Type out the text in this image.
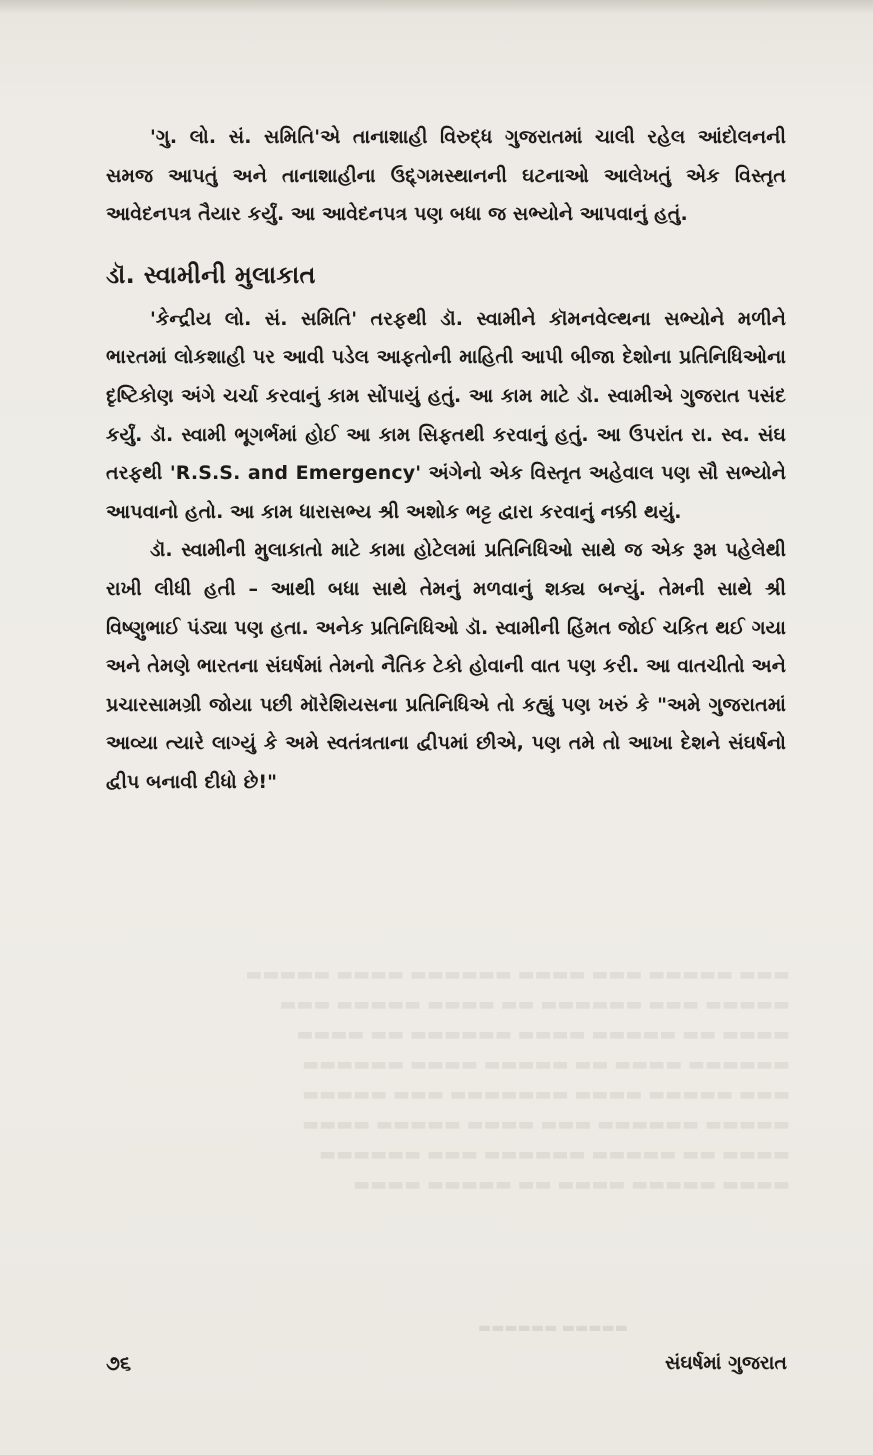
▬▬▬ ▬▬▬▬▬ ▬▬▬ ▬▬▬▬ ▬▬▬▬▬▬ ▬▬▬▬ ▬▬▬▬▬
▬▬▬▬▬ ▬▬▬ ▬▬▬▬▬▬ ▬▬ ▬▬▬▬ ▬▬▬▬▬ ▬▬▬
▬▬▬▬ ▬▬ ▬▬▬▬▬ ▬▬▬▬ ▬▬▬▬▬▬ ▬▬ ▬▬▬▬
▬▬▬▬▬▬ ▬▬▬▬ ▬▬ ▬▬▬▬▬ ▬▬▬▬ ▬▬▬▬▬▬
▬▬▬ ▬▬▬▬▬ ▬▬▬▬ ▬▬▬▬▬▬▬ ▬▬▬ ▬▬▬▬▬
▬▬▬▬▬ ▬▬▬▬▬▬ ▬▬▬ ▬▬▬▬ ▬▬▬▬▬ ▬▬▬▬
▬▬▬▬ ▬▬ ▬▬▬▬▬ ▬▬▬▬▬▬ ▬▬▬ ▬▬▬▬▬▬
▬▬▬▬ ▬▬▬▬▬ ▬▬▬▬ ▬▬ ▬▬▬▬▬ ▬▬▬▬

'ગુ. લો. સં. સમિતિ'એ તાનાશાહી વિરુદ્ધ ગુજરાતમાં ચાલી રહેલ આંદોલનની સમજ આપતું અને તાનાશાહીના ઉદ્દ્ગમસ્થાનની ઘટનાઓ આલેખતું એક વિસ્તૃત આવેદનપત્ર તૈયાર કર્યું. આ આવેદનપત્ર પણ બધા જ સભ્યોને આપવાનું હતું.

ડૉ. સ્વામીની મુલાકાત

'કેન્દ્રીય લો. સં. સમિતિ' તરફથી ડૉ. સ્વામીને કૉમનવેલ્થના સભ્યોને મળીને ભારતમાં લોકશાહી પર આવી પડેલ આફતોની માહિતી આપી બીજા દેશોના પ્રતિનિધિઓના દૃષ્ટિકોણ અંગે ચર્ચા કરવાનું કામ સોંપાયું હતું. આ કામ માટે ડૉ. સ્વામીએ ગુજરાત પસંદ કર્યું. ડૉ. સ્વામી ભૂગર્ભમાં હોઈ આ કામ સિફતથી કરવાનું હતું. આ ઉપરાંત રા. સ્વ. સંઘ તરફથી 'R.S.S. and Emergency' અંગેનો એક વિસ્તૃત અહેવાલ પણ સૌ સભ્યોને આપવાનો હતો. આ કામ ધારાસભ્ય શ્રી અશોક ભટ્ટ દ્વારા કરવાનું નક્કી થયું.

ડૉ. સ્વામીની મુલાકાતો માટે કામા હોટેલમાં પ્રતિનિધિઓ સાથે જ એક રૂમ પહેલેથી રાખી લીધી હતી – આથી બધા સાથે તેમનું મળવાનું શક્ય બન્યું. તેમની સાથે શ્રી વિષ્ણુભાઈ પંડ્યા પણ હતા. અનેક પ્રતિનિધિઓ ડૉ. સ્વામીની હિંમત જોઈ ચકિત થઈ ગયા અને તેમણે ભારતના સંઘર્ષમાં તેમનો નૈતિક ટેકો હોવાની વાત પણ કરી. આ વાતચીતો અને પ્રચારસામગ્રી જોયા પછી મૉરેશિયસના પ્રતિનિધિએ તો કહ્યું પણ ખરું કે "અમે ગુજરાતમાં આવ્યા ત્યારે લાગ્યું કે અમે સ્વતંત્રતાના દ્વીપમાં છીએ, પણ તમે તો આખા દેશને સંઘર્ષનો દ્વીપ બનાવી દીધો છે!"

▬▬▬▬▬ ▬▬▬▬▬▬
૭૬	સંઘર્ષમાં ગુજરાત
